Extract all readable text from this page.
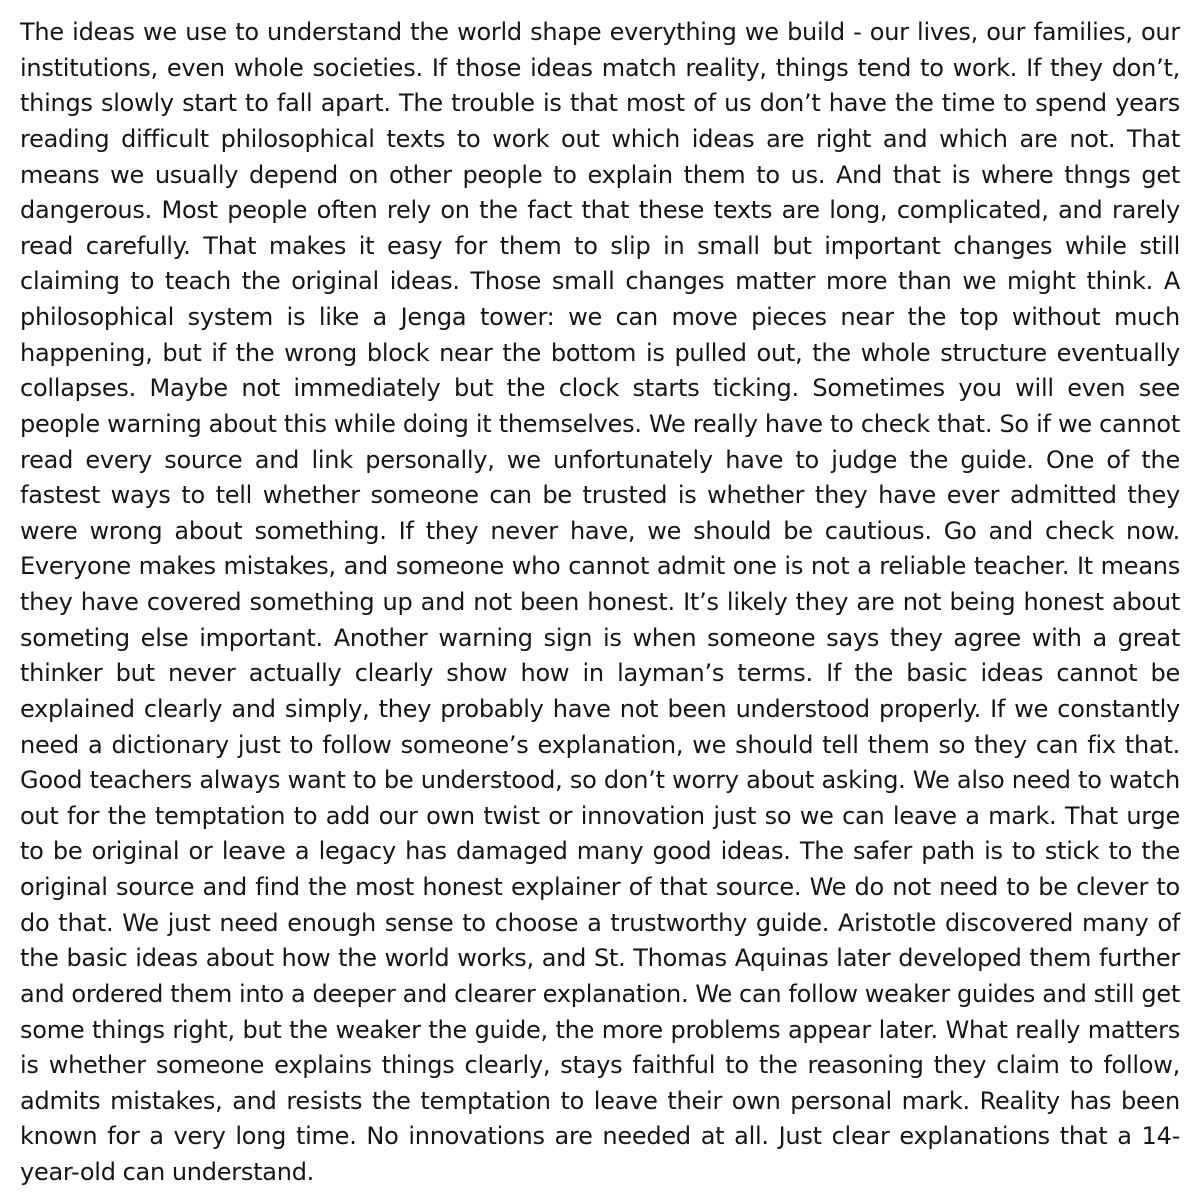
The ideas we use to understand the world shape everything we build - our lives, our families, our institutions, even whole societies. If those ideas match reality, things tend to work. If they don’t, things slowly start to fall apart. The trouble is that most of us don’t have the time to spend years reading difficult philosophical texts to work out which ideas are right and which are not. That means we usually depend on other people to explain them to us. And that is where thngs get dangerous. Most people often rely on the fact that these texts are long, complicated, and rarely read carefully. That makes it easy for them to slip in small but important changes while still claiming to teach the original ideas. Those small changes matter more than we might think. A philosophical system is like a Jenga tower: we can move pieces near the top without much happening, but if the wrong block near the bottom is pulled out, the whole structure eventually collapses. Maybe not immediately but the clock starts ticking. Sometimes you will even see people warning about this while doing it themselves. We really have to check that. So if we cannot read every source and link personally, we unfortunately have to judge the guide. One of the fastest ways to tell whether someone can be trusted is whether they have ever admitted they were wrong about something. If they never have, we should be cautious. Go and check now. Everyone makes mistakes, and someone who cannot admit one is not a reliable teacher. It means they have covered something up and not been honest. It’s likely they are not being honest about someting else important. Another warning sign is when someone says they agree with a great thinker but never actually clearly show how in layman’s terms. If the basic ideas cannot be explained clearly and simply, they probably have not been understood properly. If we constantly need a dictionary just to follow someone’s explanation, we should tell them so they can fix that. Good teachers always want to be understood, so don’t worry about asking. We also need to watch out for the temptation to add our own twist or innovation just so we can leave a mark. That urge to be original or leave a legacy has damaged many good ideas. The safer path is to stick to the original source and find the most honest explainer of that source. We do not need to be clever to do that. We just need enough sense to choose a trustworthy guide. Aristotle discovered many of the basic ideas about how the world works, and St. Thomas Aquinas later developed them further and ordered them into a deeper and clearer explanation. We can follow weaker guides and still get some things right, but the weaker the guide, the more problems appear later. What really matters is whether someone explains things clearly, stays faithful to the reasoning they claim to follow, admits mistakes, and resists the temptation to leave their own personal mark. Reality has been known for a very long time. No innovations are needed at all. Just clear explanations that a 14-year-old can understand.
